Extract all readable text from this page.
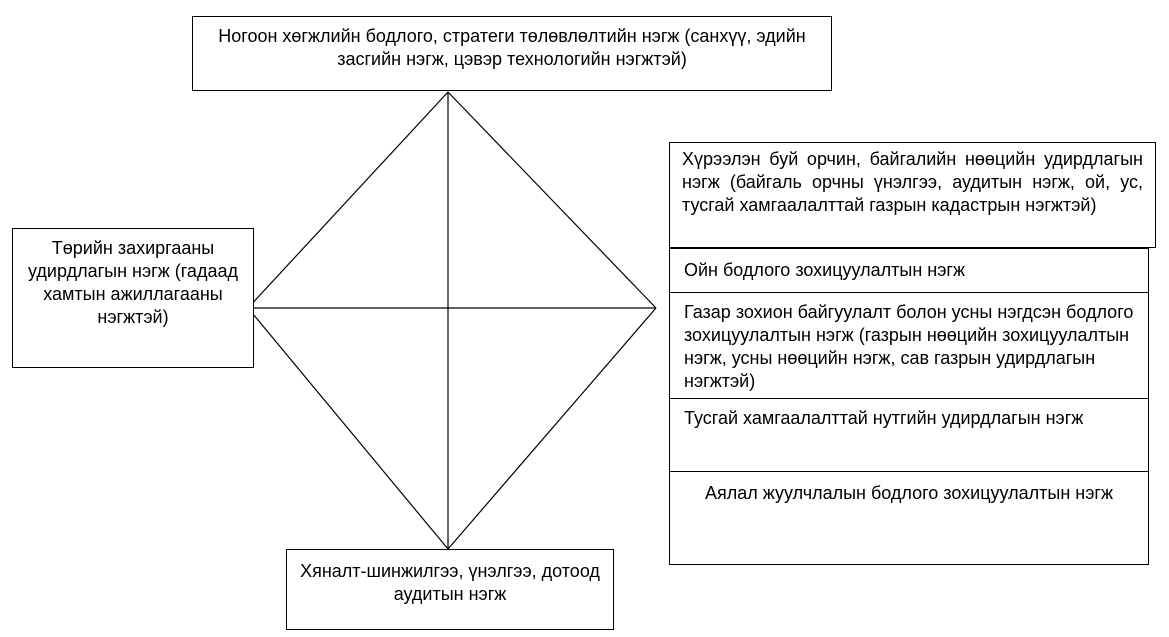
Ногоон хөгжлийн бодлого, стратеги төлөвлөлтийн нэгж (санхүү, эдийн засгийн нэгж, цэвэр технологийн нэгжтэй)
Төрийн захиргааны удирдлагын нэгж (гадаад хамтын ажиллагааны нэгжтэй)
Хяналт-шинжилгээ, үнэлгээ, дотоод аудитын нэгж
Хүрээлэн буй орчин, байгалийн нөөцийн удирдлагын нэгж (байгаль орчны үнэлгээ, аудитын нэгж, ой, ус, тусгай хамгаалалттай газрын кадастрын нэгжтэй)
Ойн бодлого зохицуулалтын нэгж
Газар зохион байгуулалт болон усны нэгдсэн бодлого зохицуулалтын нэгж (газрын нөөцийн зохицуулалтын нэгж, усны нөөцийн нэгж, сав газрын удирдлагын нэгжтэй)
Тусгай хамгаалалттай нутгийн удирдлагын нэгж
Аялал жуулчлалын бодлого зохицуулалтын нэгж
